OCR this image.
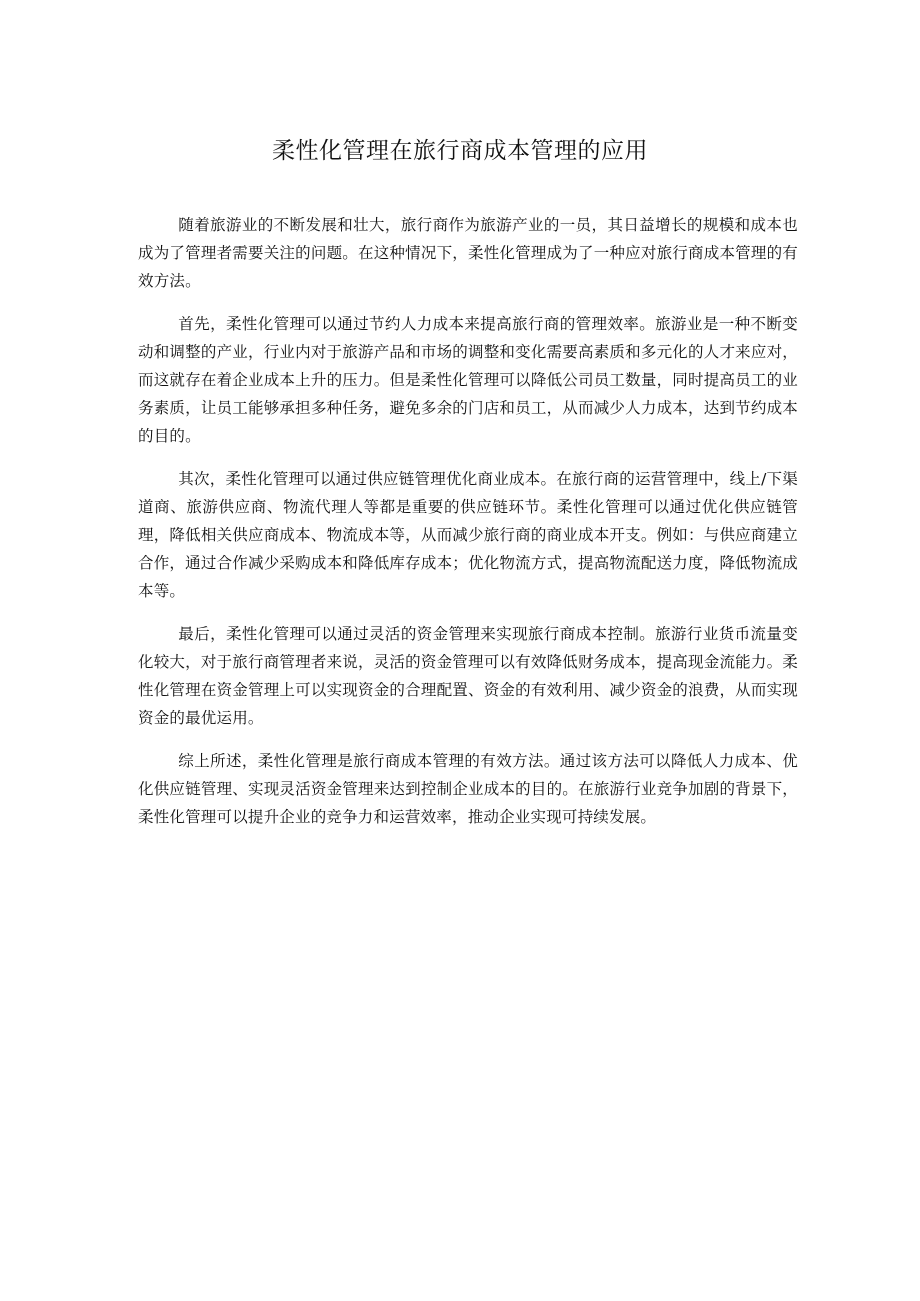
柔性化管理在旅行商成本管理的应用

随着旅游业的不断发展和壮大，旅行商作为旅游产业的一员，其日益增长的规模和成本也成为了管理者需要关注的问题。在这种情况下，柔性化管理成为了一种应对旅行商成本管理的有效方法。

首先，柔性化管理可以通过节约人力成本来提高旅行商的管理效率。旅游业是一种不断变动和调整的产业，行业内对于旅游产品和市场的调整和变化需要高素质和多元化的人才来应对，而这就存在着企业成本上升的压力。但是柔性化管理可以降低公司员工数量，同时提高员工的业务素质，让员工能够承担多种任务，避免多余的门店和员工，从而减少人力成本，达到节约成本的目的。

其次，柔性化管理可以通过供应链管理优化商业成本。在旅行商的运营管理中，线上/下渠道商、旅游供应商、物流代理人等都是重要的供应链环节。柔性化管理可以通过优化供应链管理，降低相关供应商成本、物流成本等，从而减少旅行商的商业成本开支。例如：与供应商建立合作，通过合作减少采购成本和降低库存成本；优化物流方式，提高物流配送力度，降低物流成本等。

最后，柔性化管理可以通过灵活的资金管理来实现旅行商成本控制。旅游行业货币流量变化较大，对于旅行商管理者来说，灵活的资金管理可以有效降低财务成本，提高现金流能力。柔性化管理在资金管理上可以实现资金的合理配置、资金的有效利用、减少资金的浪费，从而实现资金的最优运用。

综上所述，柔性化管理是旅行商成本管理的有效方法。通过该方法可以降低人力成本、优化供应链管理、实现灵活资金管理来达到控制企业成本的目的。在旅游行业竞争加剧的背景下，柔性化管理可以提升企业的竞争力和运营效率，推动企业实现可持续发展。
